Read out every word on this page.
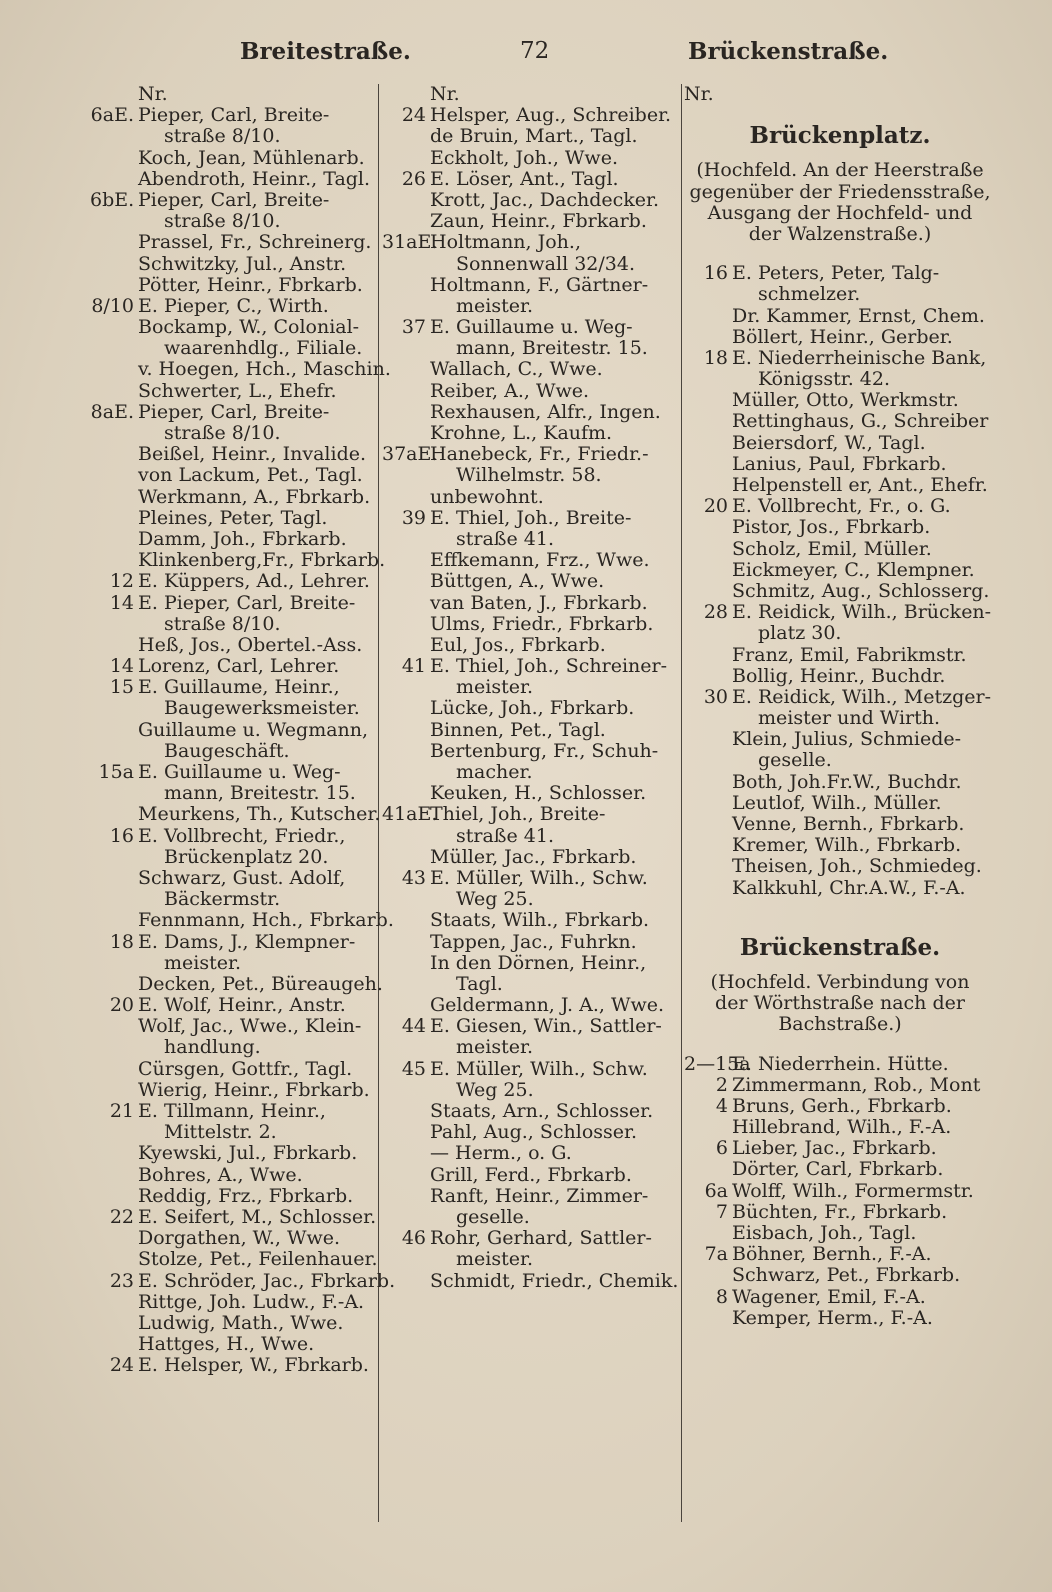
Breitestraße.	72	Brückenstraße.
Nr.
6aE. Pieper, Carl, Breite-
straße 8/10.
Koch, Jean, Mühlenarb.
Abendroth, Heinr., Tagl.
6bE. Pieper, Carl, Breite-
straße 8/10.
Prassel, Fr., Schreinerg.
Schwitzky, Jul., Anstr.
Pötter, Heinr., Fbrkarb.
8/10 E. Pieper, C., Wirth.
Bockamp, W., Colonial-
waarenhdlg., Filiale.
v. Hoegen, Hch., Maschin.
Schwerter, L., Ehefr.
8aE. Pieper, Carl, Breite-
straße 8/10.
Beißel, Heinr., Invalide.
von Lackum, Pet., Tagl.
Werkmann, A., Fbrkarb.
Pleines, Peter, Tagl.
Damm, Joh., Fbrkarb.
Klinkenberg,Fr., Fbrkarb.
12 E. Küppers, Ad., Lehrer.
14 E. Pieper, Carl, Breite-
straße 8/10.
Heß, Jos., Obertel.-Ass.
14 Lorenz, Carl, Lehrer.
15 E. Guillaume, Heinr.,
Baugewerksmeister.
Guillaume u. Wegmann,
Baugeschäft.
15a E. Guillaume u. Weg-
mann, Breitestr. 15.
Meurkens, Th., Kutscher.
16 E. Vollbrecht, Friedr.,
Brückenplatz 20.
Schwarz, Gust. Adolf,
Bäckermstr.
Fennmann, Hch., Fbrkarb.
18 E. Dams, J., Klempner-
meister.
Decken, Pet., Büreaugeh.
20 E. Wolf, Heinr., Anstr.
Wolf, Jac., Wwe., Klein-
handlung.
Cürsgen, Gottfr., Tagl.
Wierig, Heinr., Fbrkarb.
21 E. Tillmann, Heinr.,
Mittelstr. 2.
Kyewski, Jul., Fbrkarb.
Bohres, A., Wwe.
Reddig, Frz., Fbrkarb.
22 E. Seifert, M., Schlosser.
Dorgathen, W., Wwe.
Stolze, Pet., Feilenhauer.
23 E. Schröder, Jac., Fbrkarb.
Rittge, Joh. Ludw., F.-A.
Ludwig, Math., Wwe.
Hattges, H., Wwe.
24 E. Helsper, W., Fbrkarb.
Nr.
24 Helsper, Aug., Schreiber.
de Bruin, Mart., Tagl.
Eckholt, Joh., Wwe.
26 E. Löser, Ant., Tagl.
Krott, Jac., Dachdecker.
Zaun, Heinr., Fbrkarb.
31aE.Holtmann, Joh.,
Sonnenwall 32/34.
Holtmann, F., Gärtner-
meister.
37 E. Guillaume u. Weg-
mann, Breitestr. 15.
Wallach, C., Wwe.
Reiber, A., Wwe.
Rexhausen, Alfr., Ingen.
Krohne, L., Kaufm.
37aE.Hanebeck, Fr., Friedr.-
Wilhelmstr. 58.
unbewohnt.
39 E. Thiel, Joh., Breite-
straße 41.
Effkemann, Frz., Wwe.
Büttgen, A., Wwe.
van Baten, J., Fbrkarb.
Ulms, Friedr., Fbrkarb.
Eul, Jos., Fbrkarb.
41 E. Thiel, Joh., Schreiner-
meister.
Lücke, Joh., Fbrkarb.
Binnen, Pet., Tagl.
Bertenburg, Fr., Schuh-
macher.
Keuken, H., Schlosser.
41aE.Thiel, Joh., Breite-
straße 41.
Müller, Jac., Fbrkarb.
43 E. Müller, Wilh., Schw.
Weg 25.
Staats, Wilh., Fbrkarb.
Tappen, Jac., Fuhrkn.
In den Dörnen, Heinr.,
Tagl.
Geldermann, J. A., Wwe.
44 E. Giesen, Win., Sattler-
meister.
45 E. Müller, Wilh., Schw.
Weg 25.
Staats, Arn., Schlosser.
Pahl, Aug., Schlosser.
— Herm., o. G.
Grill, Ferd., Fbrkarb.
Ranft, Heinr., Zimmer-
geselle.
46 Rohr, Gerhard, Sattler-
meister.
Schmidt, Friedr., Chemik.
Nr.
Brückenplatz.
(Hochfeld. An der Heerstraße
gegenüber der Friedensstraße,
Ausgang der Hochfeld- und
der Walzenstraße.)
16 E. Peters, Peter, Talg-
schmelzer.
Dr. Kammer, Ernst, Chem.
Böllert, Heinr., Gerber.
18 E. Niederrheinische Bank,
Königsstr. 42.
Müller, Otto, Werkmstr.
Rettinghaus, G., Schreiber
Beiersdorf, W., Tagl.
Lanius, Paul, Fbrkarb.
Helpenstell er, Ant., Ehefr.
20 E. Vollbrecht, Fr., o. G.
Pistor, Jos., Fbrkarb.
Scholz, Emil, Müller.
Eickmeyer, C., Klempner.
Schmitz, Aug., Schlosserg.
28 E. Reidick, Wilh., Brücken-
platz 30.
Franz, Emil, Fabrikmstr.
Bollig, Heinr., Buchdr.
30 E. Reidick, Wilh., Metzger-
meister und Wirth.
Klein, Julius, Schmiede-
geselle.
Both, Joh.Fr.W., Buchdr.
Leutlof, Wilh., Müller.
Venne, Bernh., Fbrkarb.
Kremer, Wilh., Fbrkarb.
Theisen, Joh., Schmiedeg.
Kalkkuhl, Chr.A.W., F.-A.
Brückenstraße.
(Hochfeld. Verbindung von
der Wörthstraße nach der
Bachstraße.)
2—15aE. Niederrhein. Hütte.
2 Zimmermann, Rob., Mont
4 Bruns, Gerh., Fbrkarb.
Hillebrand, Wilh., F.-A.
6 Lieber, Jac., Fbrkarb.
Dörter, Carl, Fbrkarb.
6a Wolff, Wilh., Formermstr.
7 Büchten, Fr., Fbrkarb.
Eisbach, Joh., Tagl.
7a Böhner, Bernh., F.-A.
Schwarz, Pet., Fbrkarb.
8 Wagener, Emil, F.-A.
Kemper, Herm., F.-A.
